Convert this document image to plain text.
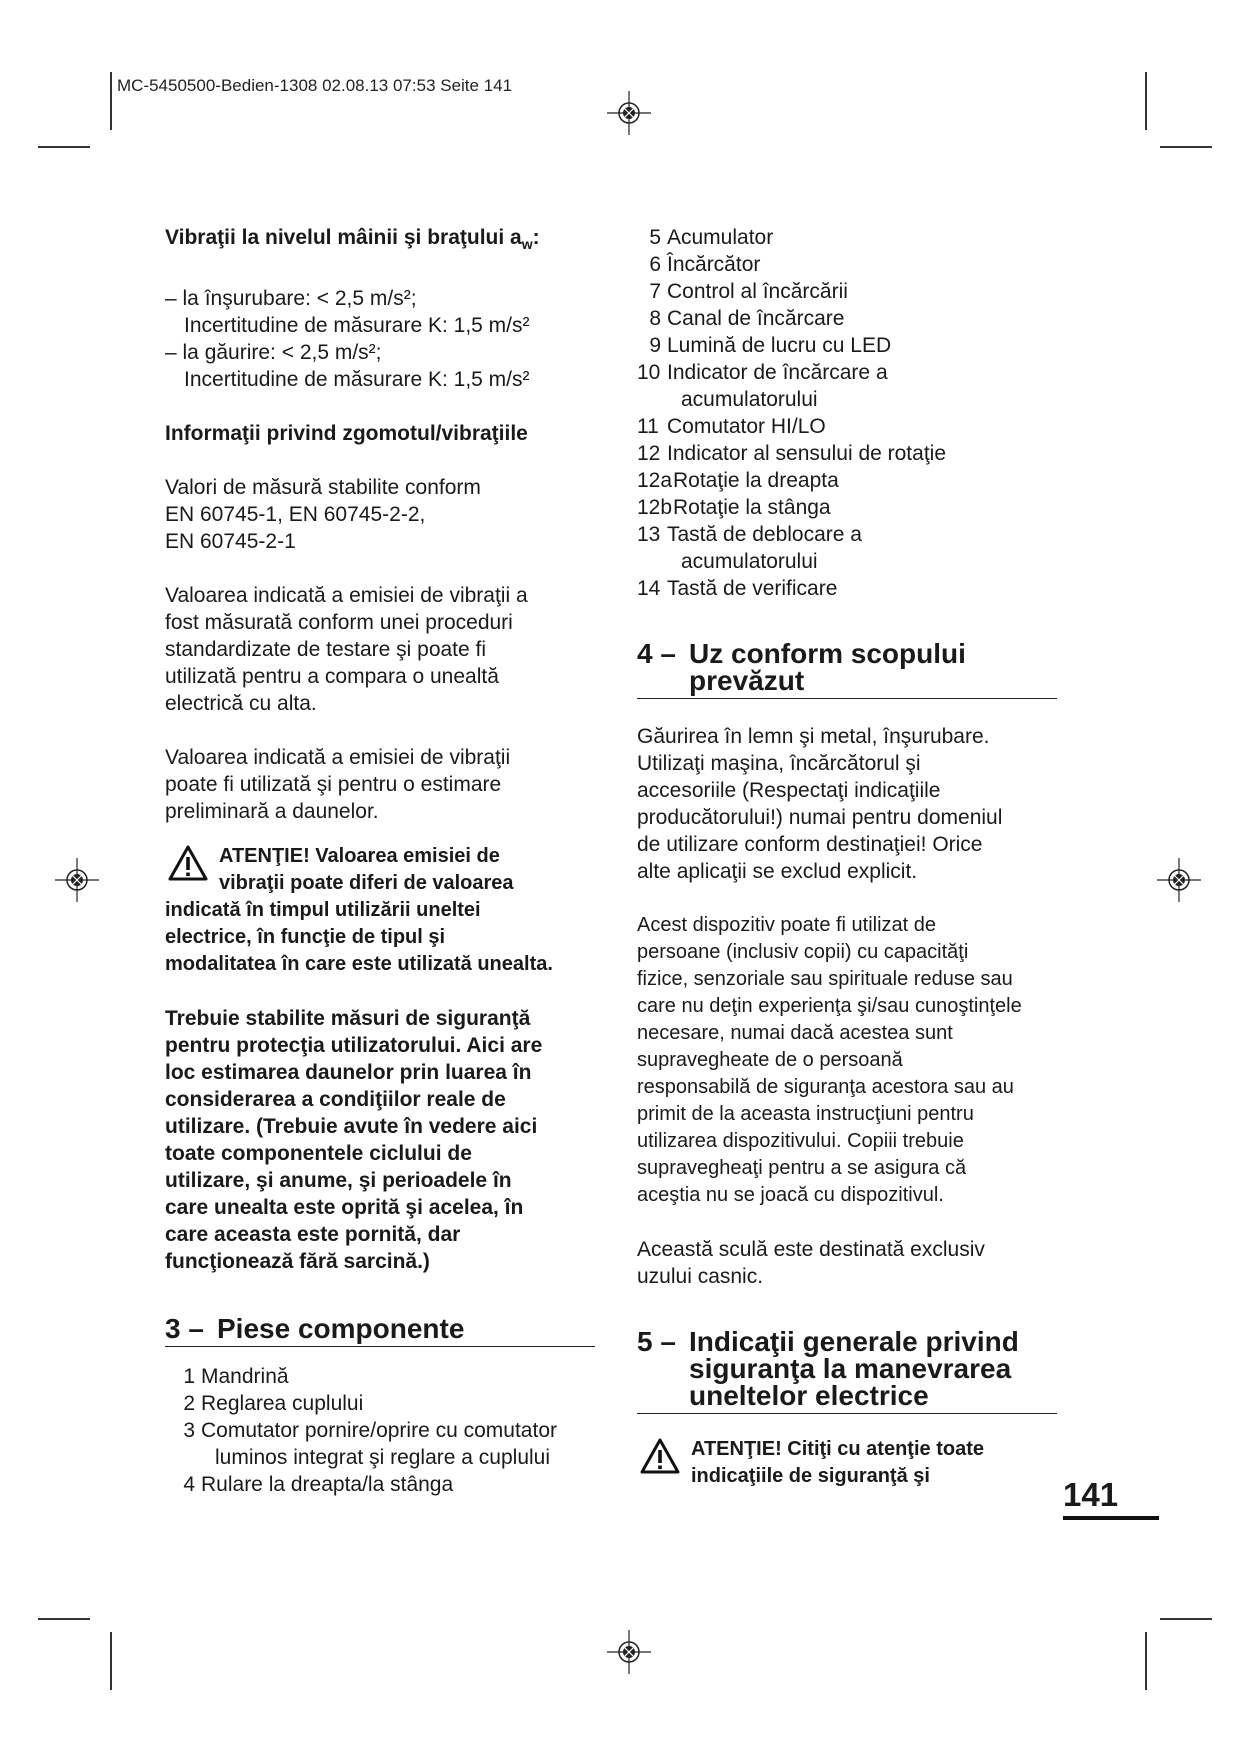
MC-5450500-Bedien-1308 02.08.13 07:53 Seite 141

Vibraţii la nivelul mâinii şi braţului $a_w$:

– la înşurubare: < 2,5 m/s²;

Incertitudine de măsurare K: 1,5 m/s²

– la găurire: < 2,5 m/s²;

Incertitudine de măsurare K: 1,5 m/s²

Informaţii privind zgomotul/vibraţiile

Valori de măsură stabilite conform

EN 60745-1, EN 60745-2-2,

EN 60745-2-1

Valoarea indicată a emisiei de vibraţii a

fost măsurată conform unei proceduri

standardizate de testare şi poate fi

utilizată pentru a compara o unealtă

electrică cu alta.

Valoarea indicată a emisiei de vibraţii

poate fi utilizată şi pentru o estimare

preliminară a daunelor.

ATENŢIE! Valoarea emisiei de
vibraţii poate diferi de valoarea
indicată în timpul utilizării uneltei
electrice, în funcţie de tipul şi
modalitatea în care este utilizată unealta.

Trebuie stabilite măsuri de siguranţă

pentru protecţia utilizatorului. Aici are

loc estimarea daunelor prin luarea în

considerarea a condiţiilor reale de

utilizare. (Trebuie avute în vedere aici

toate componentele ciclului de

utilizare, şi anume, şi perioadele în

care unealta este oprită şi acelea, în

care aceasta este pornită, dar

funcţionează fără sarcină.)

3 – Piese componente
1 Mandrină
2 Reglarea cuplului
3 Comutator pornire/oprire cu comutator
luminos integrat şi reglare a cuplului
4 Rulare la dreapta/la stânga
5 Acumulator
6 Încărcător
7 Control al încărcării
8 Canal de încărcare
9 Lumină de lucru cu LED
10 Indicator de încărcare a
acumulatorului
11 Comutator HI/LO
12 Indicator al sensului de rotaţie
12a Rotaţie la dreapta
12b Rotaţie la stânga
13 Tastă de deblocare a
acumulatorului
14 Tastă de verificare
4 – Uz conform scopului
prevăzut

Găurirea în lemn şi metal, înşurubare.

Utilizaţi maşina, încărcătorul şi

accesoriile (Respectaţi indicaţiile

producătorului!) numai pentru domeniul

de utilizare conform destinaţiei! Orice

alte aplicaţii se exclud explicit.

Acest dispozitiv poate fi utilizat de

persoane (inclusiv copii) cu capacităţi

fizice, senzoriale sau spirituale reduse sau

care nu deţin experienţa şi/sau cunoştinţele

necesare, numai dacă acestea sunt

supravegheate de o persoană

responsabilă de siguranţa acestora sau au

primit de la aceasta instrucţiuni pentru

utilizarea dispozitivului. Copiii trebuie

supravegheaţi pentru a se asigura că

aceştia nu se joacă cu dispozitivul.

Această sculă este destinată exclusiv

uzului casnic.

5 – Indicaţii generale privind
siguranţa la manevrarea
uneltelor electrice
ATENŢIE! Citiţi cu atenţie toate
indicaţiile de siguranţă şi	141
